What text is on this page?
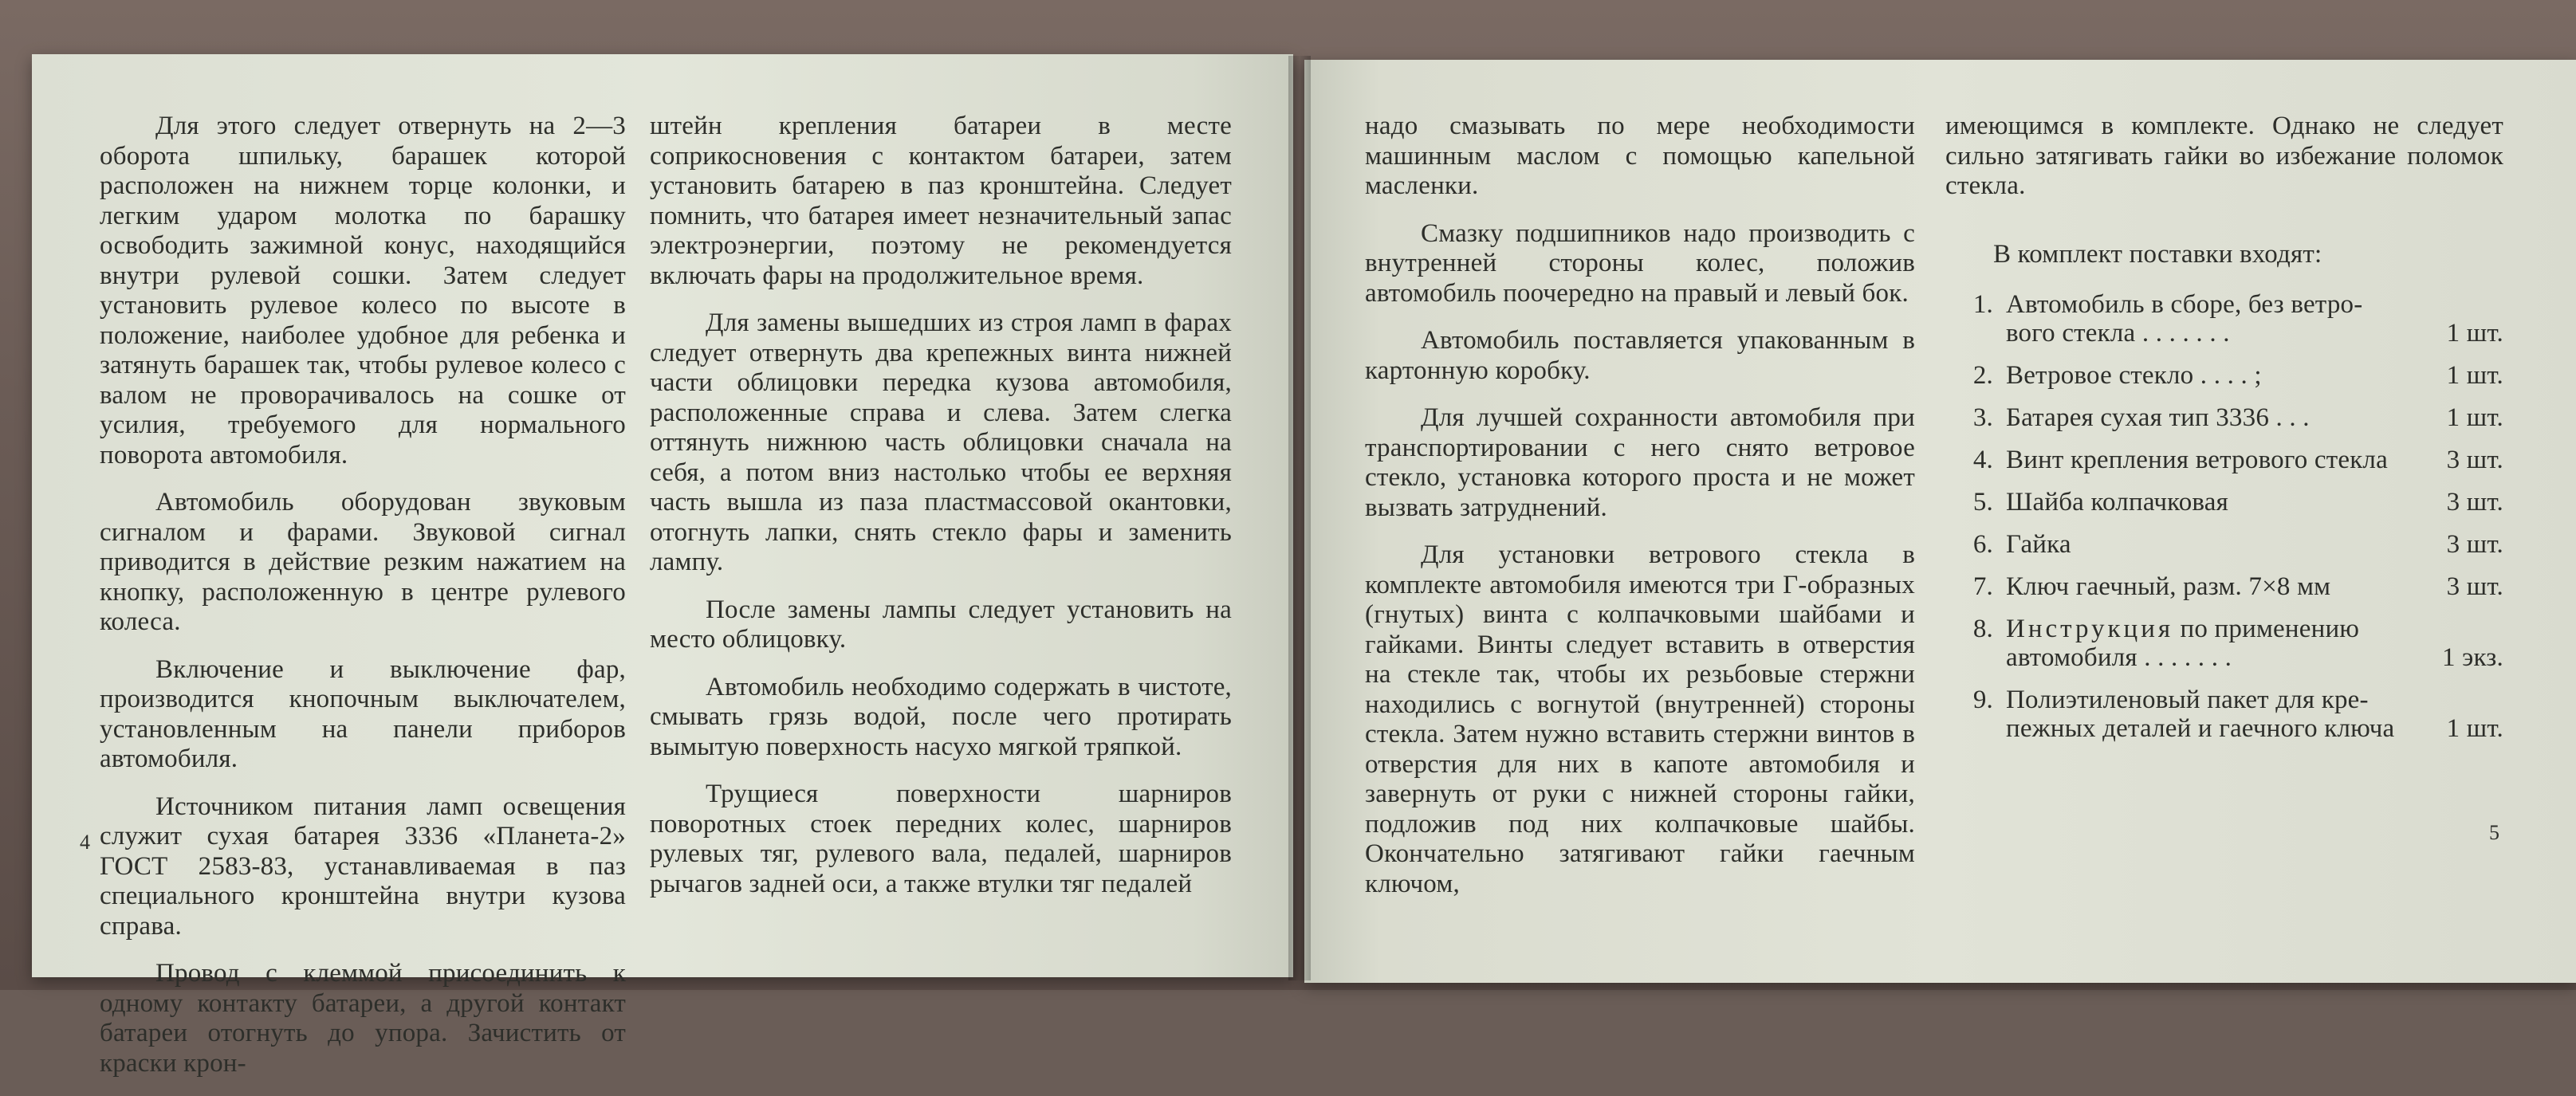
Для этого следует отвернуть на 2—3 оборота шпильку, барашек которой расположен на нижнем торце колонки, и легким ударом молотка по барашку освободить зажимной конус, находящийся внутри рулевой сошки. Затем следует установить рулевое колесо по высоте в положение, наиболее удобное для ребенка и затянуть барашек так, чтобы рулевое колесо с валом не проворачивалось на сошке от усилия, требуемого для нормального поворота автомобиля.

Автомобиль оборудован звуковым сигналом и фарами. Звуковой сигнал приводится в действие резким нажатием на кнопку, расположенную в центре рулевого колеса.

Включение и выключение фар, производится кнопочным выключателем, установленным на панели приборов автомобиля.

Источником питания ламп освещения служит сухая батарея 3336 «Планета-2» ГОСТ 2583-83, устанавливаемая в паз специального кронштейна внутри кузова справа.

Провод с клеммой присоединить к одному контакту батареи, а другой контакт батареи отогнуть до упора. Зачистить от краски крон-

штейн крепления батареи в месте соприкосновения с контактом батареи, затем установить батарею в паз кронштейна. Следует помнить, что батарея имеет незначительный запас электроэнергии, поэтому не рекомендуется включать фары на продолжительное время.

Для замены вышедших из строя ламп в фарах следует отвернуть два крепежных винта нижней части облицовки передка кузова автомобиля, расположенные справа и слева. Затем слегка оттянуть нижнюю часть облицовки сначала на себя, а потом вниз настолько чтобы ее верхняя часть вышла из паза пластмассовой окантовки, отогнуть лапки, снять стекло фары и заменить лампу.

После замены лампы следует установить на место облицовку.

Автомобиль необходимо содержать в чистоте, смывать грязь водой, после чего протирать вымытую поверхность насухо мягкой тряпкой.

Трущиеся поверхности шарниров поворотных стоек передних колес, шарниров рулевых тяг, рулевого вала, педалей, шарниров рычагов задней оси, а также втулки тяг педалей

4

надо смазывать по мере необходимости машинным маслом с помощью капельной масленки.

Смазку подшипников надо производить с внутренней стороны колес, положив автомобиль поочередно на правый и левый бок.

Автомобиль поставляется упакованным в картонную коробку.

Для лучшей сохранности автомобиля при транспортировании с него снято ветровое стекло, установка которого проста и не может вызвать затруднений.

Для установки ветрового стекла в комплекте автомобиля имеются три Г-образных (гнутых) винта с колпачковыми шайбами и гайками. Винты следует вставить в отверстия на стекле так, чтобы их резьбовые стержни находились с вогнутой (внутренней) стороны стекла. Затем нужно вставить стержни винтов в отверстия для них в капоте автомобиля и завернуть от руки с нижней стороны гайки, подложив под них колпачковые шайбы. Окончательно затягивают гайки гаечным ключом,

имеющимся в комплекте. Однако не следует сильно затягивать гайки во избежание поломок стекла.

В комплект поставки входят:
1. Автомобиль в сборе, без ветро-
вого стекла . . . . . . .	1 шт.
2. Ветровое стекло . . . . ;	1 шт.
3. Батарея сухая тип 3336 . . .	1 шт.
4. Винт крепления ветрового стекла	3 шт.
5. Шайба колпачковая	3 шт.
6. Гайка	3 шт.
7. Ключ гаечный, разм. 7×8 мм	3 шт.
8. Инструкция по применению
автомобиля . . . . . . .	1 экз.
9. Полиэтиленовый пакет для кре-
пежных деталей и гаечного ключа	1 шт.
5
